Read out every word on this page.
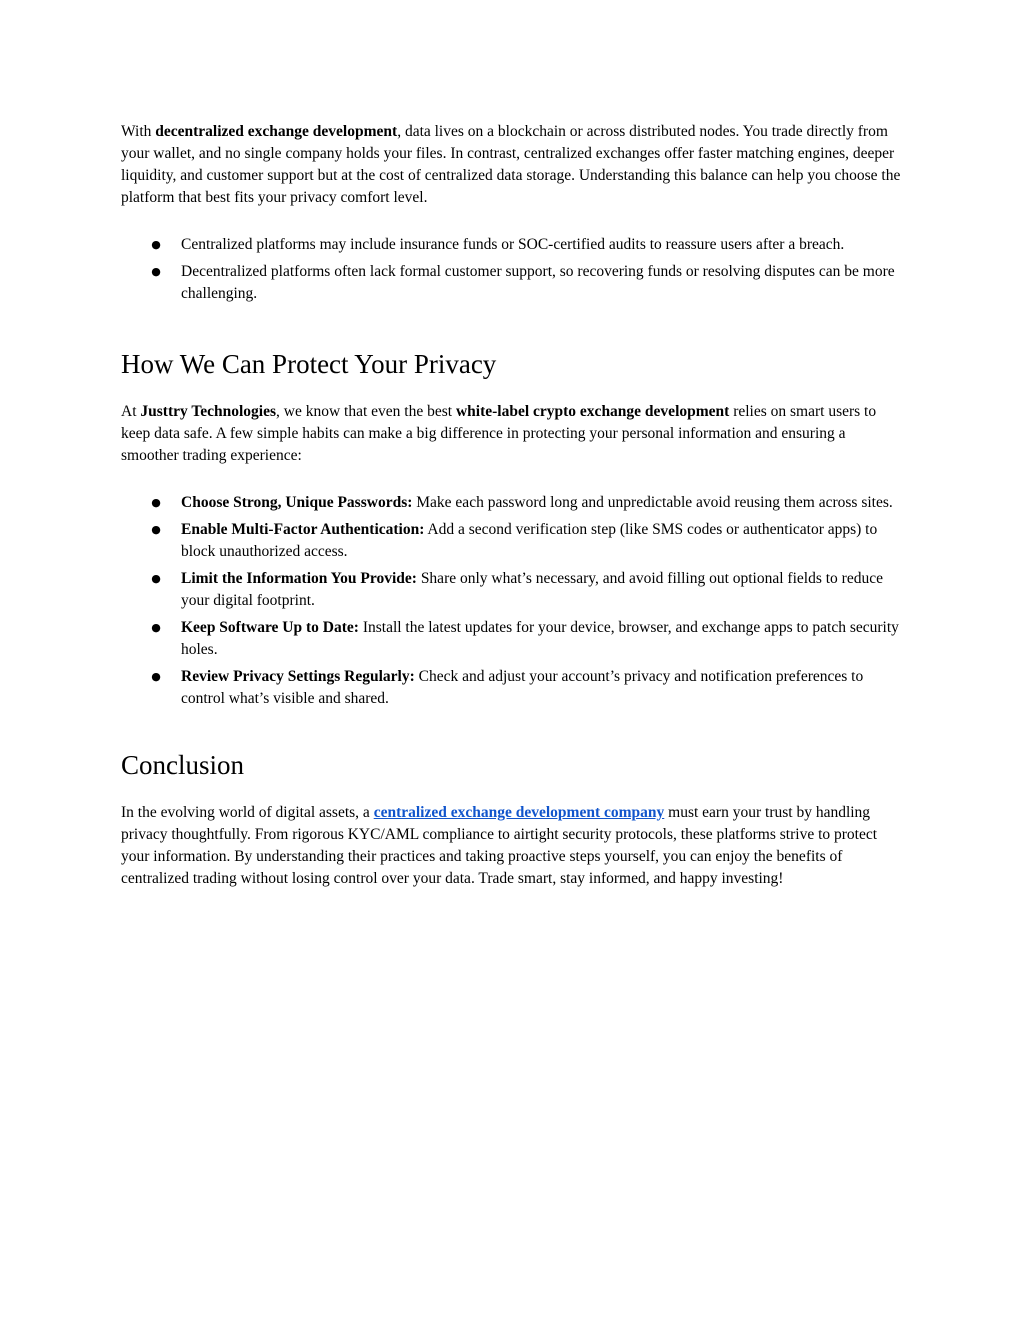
With decentralized exchange development, data lives on a blockchain or across distributed nodes. You trade directly from your wallet, and no single company holds your files. In contrast, centralized exchanges offer faster matching engines, deeper liquidity, and customer support but at the cost of centralized data storage. Understanding this balance can help you choose the platform that best fits your privacy comfort level.

● Centralized platforms may include insurance funds or SOC‑certified audits to reassure users after a breach.
● Decentralized platforms often lack formal customer support, so recovering funds or resolving disputes can be more challenging.
How We Can Protect Your Privacy

At Justtry Technologies, we know that even the best white-label crypto exchange development relies on smart users to keep data safe. A few simple habits can make a big difference in protecting your personal information and ensuring a smoother trading experience:

● Choose Strong, Unique Passwords: Make each password long and unpredictable avoid reusing them across sites.
● Enable Multi‑Factor Authentication: Add a second verification step (like SMS codes or authenticator apps) to block unauthorized access.
● Limit the Information You Provide: Share only what’s necessary, and avoid filling out optional fields to reduce your digital footprint.
● Keep Software Up to Date: Install the latest updates for your device, browser, and exchange apps to patch security holes.
● Review Privacy Settings Regularly: Check and adjust your account’s privacy and notification preferences to control what’s visible and shared.
Conclusion

In the evolving world of digital assets, a centralized exchange development company must earn your trust by handling privacy thoughtfully. From rigorous KYC/AML compliance to airtight security protocols, these platforms strive to protect your information. By understanding their practices and taking proactive steps yourself, you can enjoy the benefits of centralized trading without losing control over your data. Trade smart, stay informed, and happy investing!
